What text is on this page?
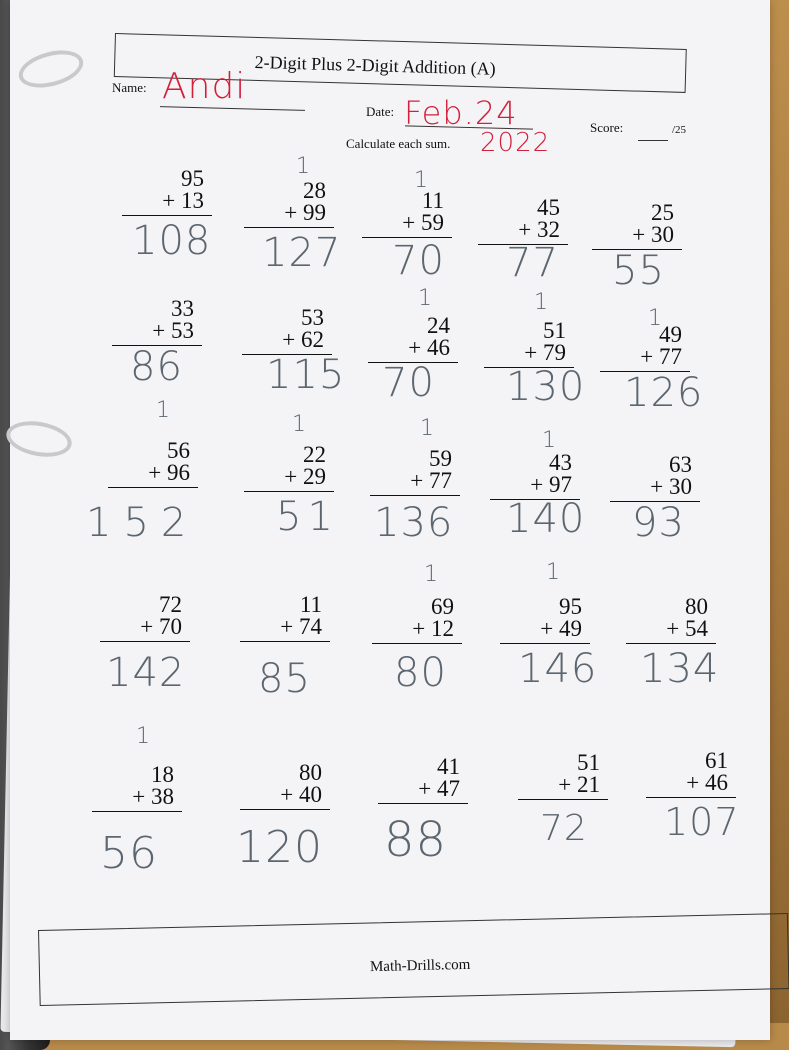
2-Digit Plus 2-Digit Addition (A)
Name: Andi
Date: Feb.24
2022
Score:	/25
Calculate each sum.
95
+ 13
108
28
+ 99
1
127
11
+ 59
1
70
45
+ 32
77
25
+ 30
55
33
+ 53
86
53
+ 62
115
24
+ 46
1
70
51
+ 79
1
130
49
+ 77
1
126
56
+ 96
1
152
22
+ 29
1
51
59
+ 77
1
136
43
+ 97
1
140
63
+ 30
93
72
+ 70
142
11
+ 74
85
69
+ 12
1
80
95
+ 49
1
146
80
+ 54
134
18
+ 38
1
56
80
+ 40
120
41
+ 47
88
51
+ 21
72
61
+ 46
107
Math-Drills.com
